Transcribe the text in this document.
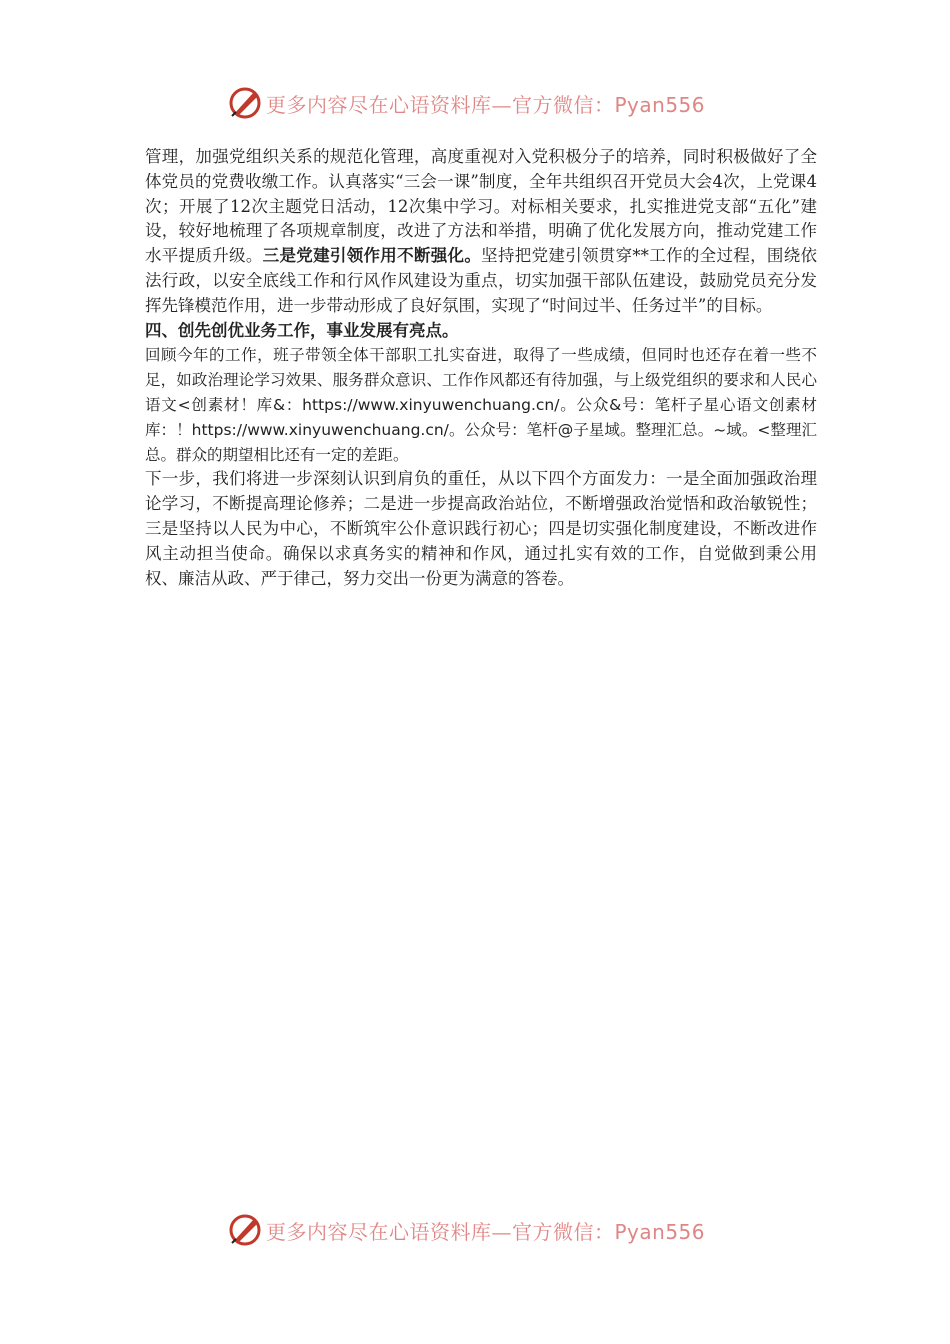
更多内容尽在心语资料库—官方微信：Pyan556

管理，加强党组织关系的规范化管理，高度重视对入党积极分子的培养，同时积极做好了全体党员的党费收缴工作。认真落实“三会一课”制度，全年共组织召开党员大会4次，上党课4次；开展了12次主题党日活动，12次集中学习。对标相关要求，扎实推进党支部“五化”建设，较好地梳理了各项规章制度，改进了方法和举措，明确了优化发展方向，推动党建工作水平提质升级。三是党建引领作用不断强化。坚持把党建引领贯穿**工作的全过程，围绕依法行政，以安全底线工作和行风作风建设为重点，切实加强干部队伍建设，鼓励党员充分发挥先锋模范作用，进一步带动形成了良好氛围，实现了“时间过半、任务过半”的目标。

四、创先创优业务工作，事业发展有亮点。

回顾今年的工作，班子带领全体干部职工扎实奋进，取得了一些成绩，但同时也还存在着一些不足，如政治理论学习效果、服务群众意识、工作作风都还有待加强，与上级党组织的要求和人民心语文<创素材！库&：https://www.xinyuwenchuang.cn/。公众&号：笔杆子星心语文创素材库：！https://www.xinyuwenchuang.cn/。公众号：笔杆@子星域。整理汇总。~域。<整理汇总。群众的期望相比还有一定的差距。

下一步，我们将进一步深刻认识到肩负的重任，从以下四个方面发力：一是全面加强政治理论学习，不断提高理论修养；二是进一步提高政治站位，不断增强政治觉悟和政治敏锐性；三是坚持以人民为中心，不断筑牢公仆意识践行初心；四是切实强化制度建设，不断改进作风主动担当使命。确保以求真务实的精神和作风，通过扎实有效的工作，自觉做到秉公用权、廉洁从政、严于律己，努力交出一份更为满意的答卷。

更多内容尽在心语资料库—官方微信：Pyan556
